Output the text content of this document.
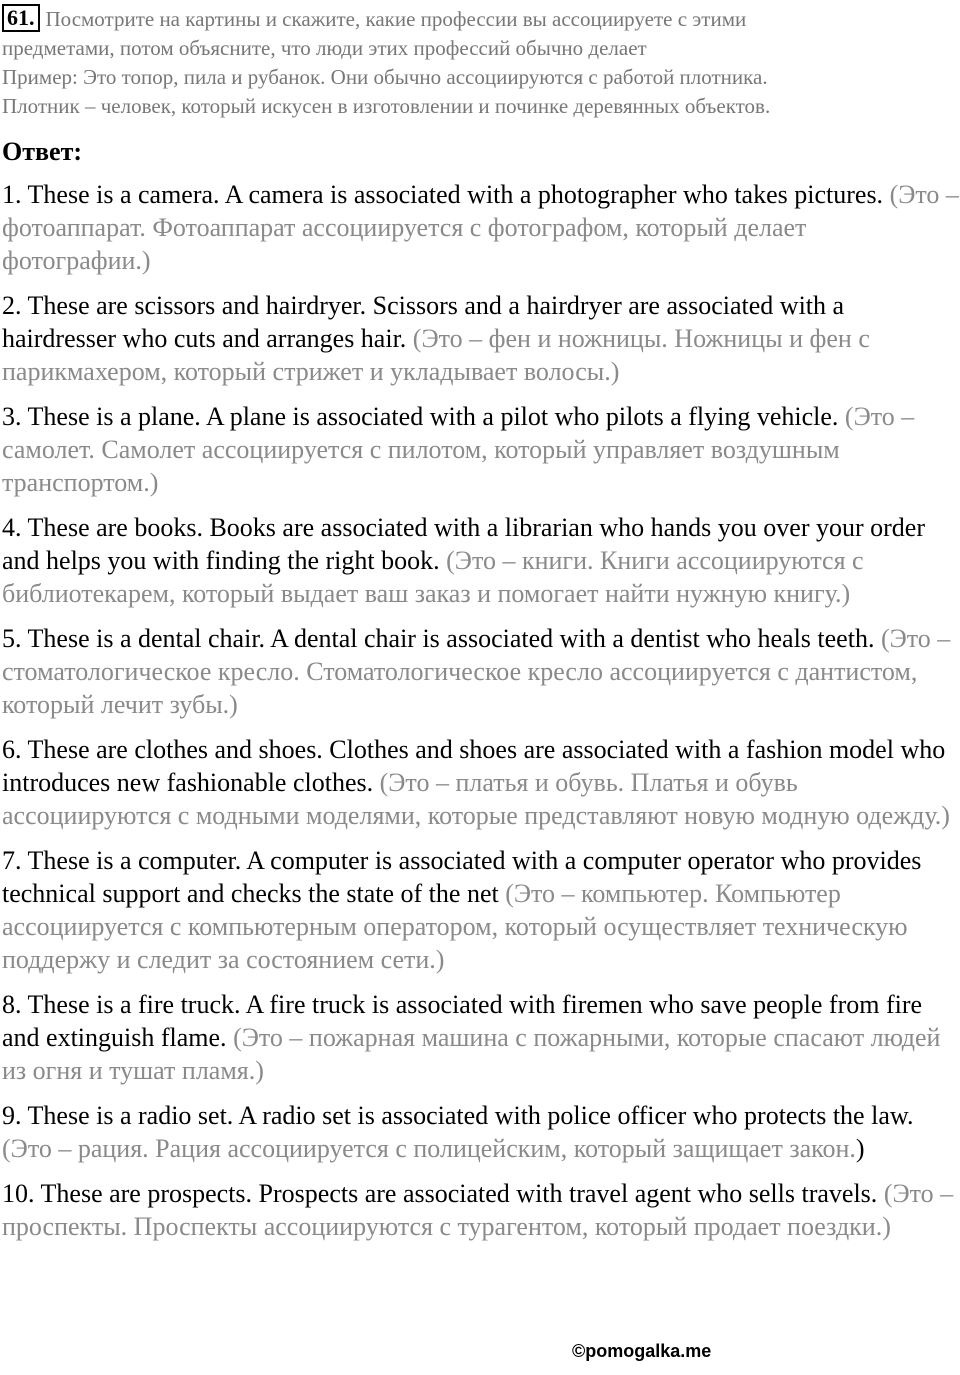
61. Посмотрите на картины и скажите, какие профессии вы ассоциируете с этими
предметами, потом объясните, что люди этих профессий обычно делает
Пример: Это топор, пила и рубанок. Они обычно ассоциируются с работой плотника.
Плотник – человек, который искусен в изготовлении и починке деревянных объектов.
Ответ:
1. These is a camera. A camera is associated with a photographer who takes pictures. (Это – фотоаппарат. Фотоаппарат ассоциируется с фотографом, который делает фотографии.)
2. These are scissors and hairdryer. Scissors and a hairdryer are associated with a hairdresser who cuts and arranges hair. (Это – фен и ножницы. Ножницы и фен с парикмахером, который стрижет и укладывает волосы.)
3. These is a plane. A plane is associated with a pilot who pilots a flying vehicle. (Это – самолет. Самолет ассоциируется с пилотом, который управляет воздушным транспортом.)
4. These are books. Books are associated with a librarian who hands you over your order and helps you with finding the right book. (Это – книги. Книги ассоциируются с библиотекарем, который выдает ваш заказ и помогает найти нужную книгу.)
5. These is a dental chair. A dental chair is associated with a dentist who heals teeth. (Это – стоматологическое кресло. Стоматологическое кресло ассоциируется с дантистом, который лечит зубы.)
6. These are clothes and shoes. Clothes and shoes are associated with a fashion model who introduces new fashionable clothes. (Это – платья и обувь. Платья и обувь ассоциируются с модными моделями, которые представляют новую модную одежду.)
7. These is a computer. A computer is associated with a computer operator who provides technical support and checks the state of the net (Это – компьютер. Компьютер ассоциируется с компьютерным оператором, который осуществляет техническую поддержу и следит за состоянием сети.)
8. These is a fire truck. A fire truck is associated with firemen who save people from fire and extinguish flame. (Это – пожарная машина с пожарными, которые спасают людей из огня и тушат пламя.)
9. These is a radio set. A radio set is associated with police officer who protects the law. (Это – рация. Рация ассоциируется с полицейским, который защищает закон.)
10. These are prospects. Prospects are associated with travel agent who sells travels. (Это – проспекты. Проспекты ассоциируются с турагентом, который продает поездки.)
©pomogalka.me
